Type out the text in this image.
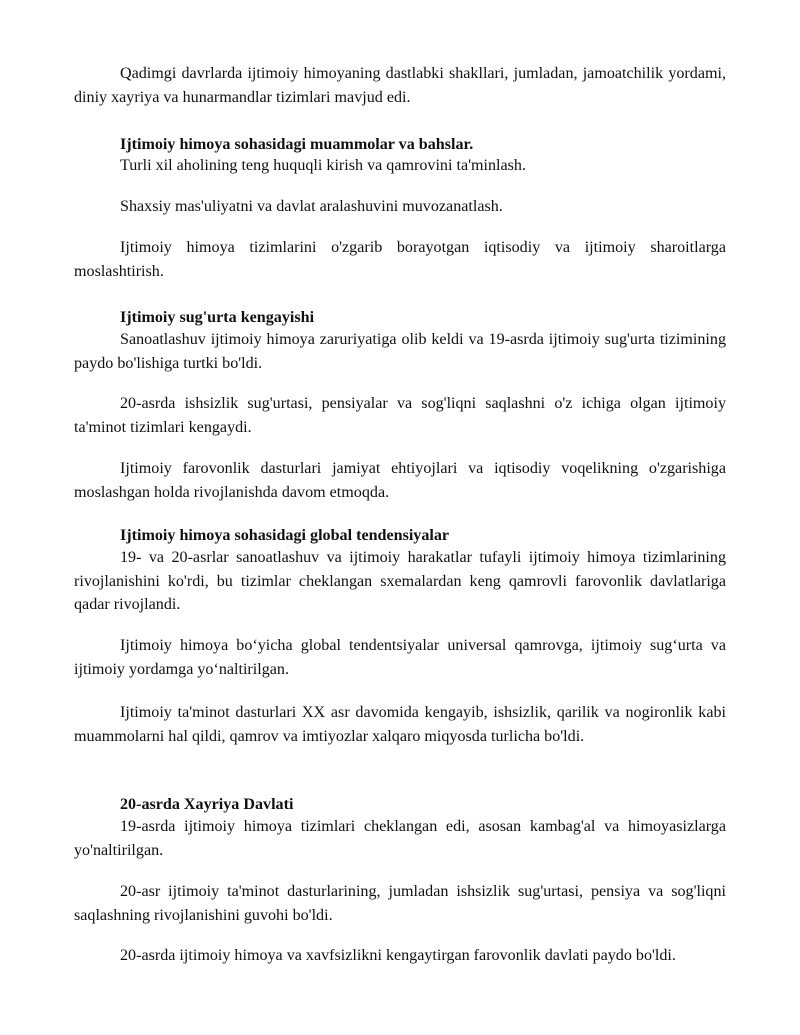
Qadimgi davrlarda ijtimoiy himoyaning dastlabki shakllari, jumladan, jamoatchilik yordami, diniy xayriya va hunarmandlar tizimlari mavjud edi.

Ijtimoiy himoya sohasidagi muammolar va bahslar.

Turli xil aholining teng huquqli kirish va qamrovini ta'minlash.

Shaxsiy mas'uliyatni va davlat aralashuvini muvozanatlash.

Ijtimoiy himoya tizimlarini o'zgarib borayotgan iqtisodiy va ijtimoiy sharoitlarga moslashtirish.

Ijtimoiy sug'urta kengayishi

Sanoatlashuv ijtimoiy himoya zaruriyatiga olib keldi va 19-asrda ijtimoiy sug'urta tizimining paydo bo'lishiga turtki bo'ldi.

20-asrda ishsizlik sug'urtasi, pensiyalar va sog'liqni saqlashni o'z ichiga olgan ijtimoiy ta'minot tizimlari kengaydi.

Ijtimoiy farovonlik dasturlari jamiyat ehtiyojlari va iqtisodiy voqelikning o'zgarishiga moslashgan holda rivojlanishda davom etmoqda.

Ijtimoiy himoya sohasidagi global tendensiyalar

19- va 20-asrlar sanoatlashuv va ijtimoiy harakatlar tufayli ijtimoiy himoya tizimlarining rivojlanishini ko'rdi, bu tizimlar cheklangan sxemalardan keng qamrovli farovonlik davlatlariga qadar rivojlandi.

Ijtimoiy himoya bo‘yicha global tendentsiyalar universal qamrovga, ijtimoiy sug‘urta va ijtimoiy yordamga yo‘naltirilgan.

Ijtimoiy ta'minot dasturlari XX asr davomida kengayib, ishsizlik, qarilik va nogironlik kabi muammolarni hal qildi, qamrov va imtiyozlar xalqaro miqyosda turlicha bo'ldi.

20-asrda Xayriya Davlati

19-asrda ijtimoiy himoya tizimlari cheklangan edi, asosan kambag'al va himoyasizlarga yo'naltirilgan.

20-asr ijtimoiy ta'minot dasturlarining, jumladan ishsizlik sug'urtasi, pensiya va sog'liqni saqlashning rivojlanishini guvohi bo'ldi.

20-asrda ijtimoiy himoya va xavfsizlikni kengaytirgan farovonlik davlati paydo bo'ldi.
